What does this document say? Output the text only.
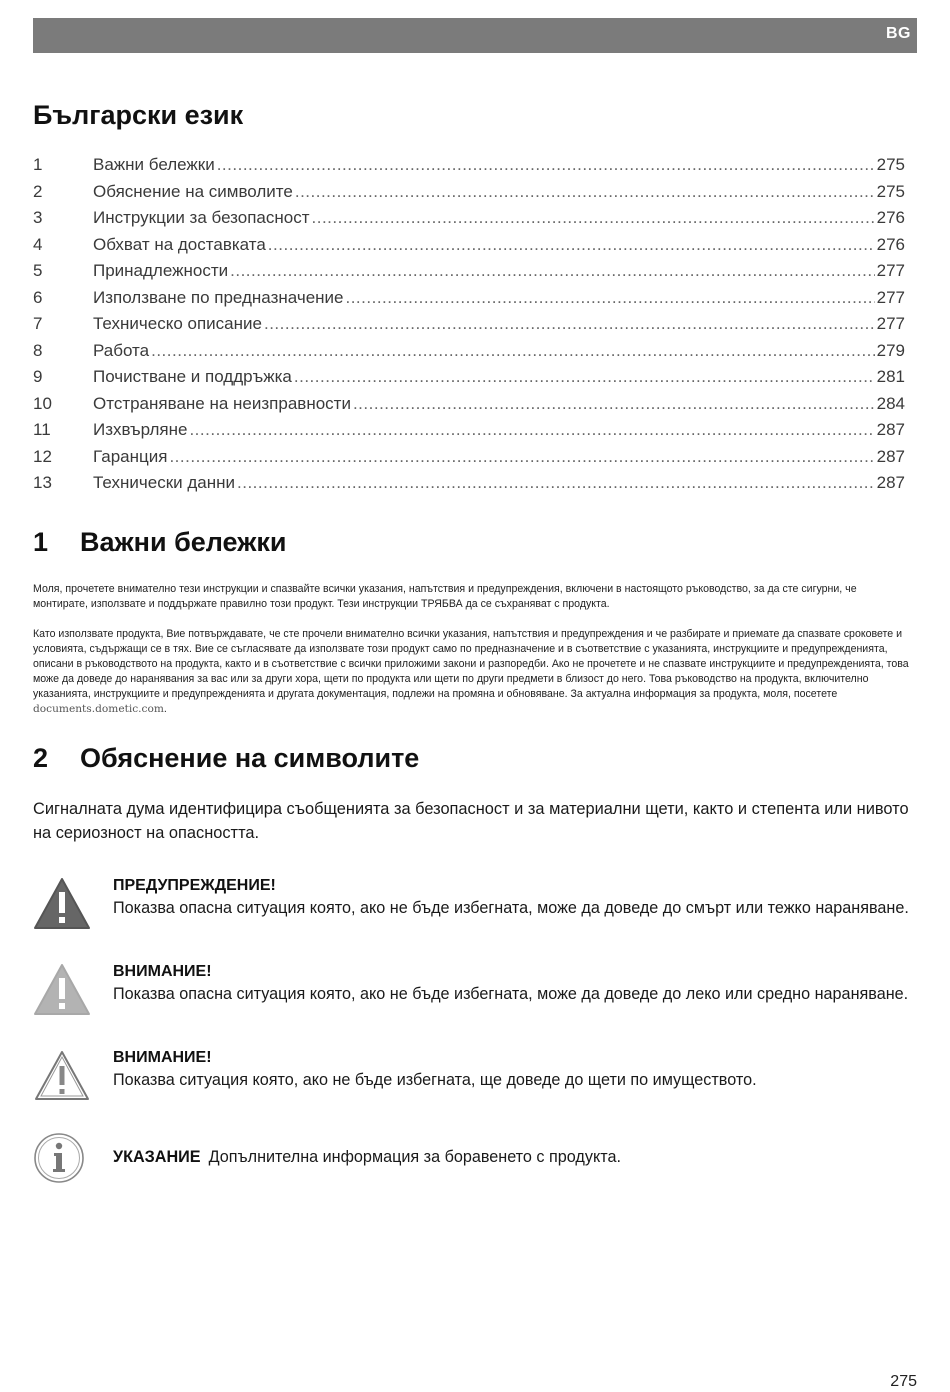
BG
Български език
1	Важни бележки .....	275
2	Обяснение на символите .....	275
3	Инструкции за безопасност .....	276
4	Обхват на доставката .....	276
5	Принадлежности .....	277
6	Използване по предназначение .....	277
7	Техническо описание .....	277
8	Работа .....	279
9	Почистване и поддръжка .....	281
10	Отстраняване на неизправности .....	284
11	Изхвърляне .....	287
12	Гаранция .....	287
13	Технически данни .....	287
1	Важни бележки

Моля, прочетете внимателно тези инструкции и спазвайте всички указания, напътствия и предупреждения, включени в настоящото ръководство, за да сте сигурни, че монтирате, използвате и поддържате правилно този продукт. Тези инструкции ТРЯБВА да се съхраняват с продукта.

Като използвате продукта, Вие потвърждавате, че сте прочели внимателно всички указания, напътствия и предупреждения и че разбирате и приемате да спазвате сроковете и условията, съдържащи се в тях. Вие се съгласявате да използвате този продукт само по предназначение и в съответствие с указанията, инструкциите и предупрежденията, описани в ръководството на продукта, както и в съответствие с всички приложими закони и разпоредби. Ако не прочетете и не спазвате инструкциите и предупрежденията, това може да доведе до наранявания за вас или за други хора, щети по продукта или щети по други предмети в близост до него. Това ръководство на продукта, включително указанията, инструкциите и предупрежденията и другата документация, подлежи на промяна и обновяване. За актуална информация за продукта, моля, посетете documents.dometic.com.

2	Обяснение на символите

Сигналната дума идентифицира съобщенията за безопасност и за материални щети, както и степента или нивото на сериозност на опасността.

ПРЕДУПРЕЖДЕНИЕ!
Показва опасна ситуация която, ако не бъде избегната, може да доведе до смърт или тежко нараняване.
ВНИМАНИЕ!
Показва опасна ситуация която, ако не бъде избегната, може да доведе до леко или средно нараняване.
ВНИМАНИЕ!
Показва ситуация която, ако не бъде избегната, ще доведе до щети по имуществото.
УКАЗАНИЕ Допълнителна информация за боравенето с продукта.
275
